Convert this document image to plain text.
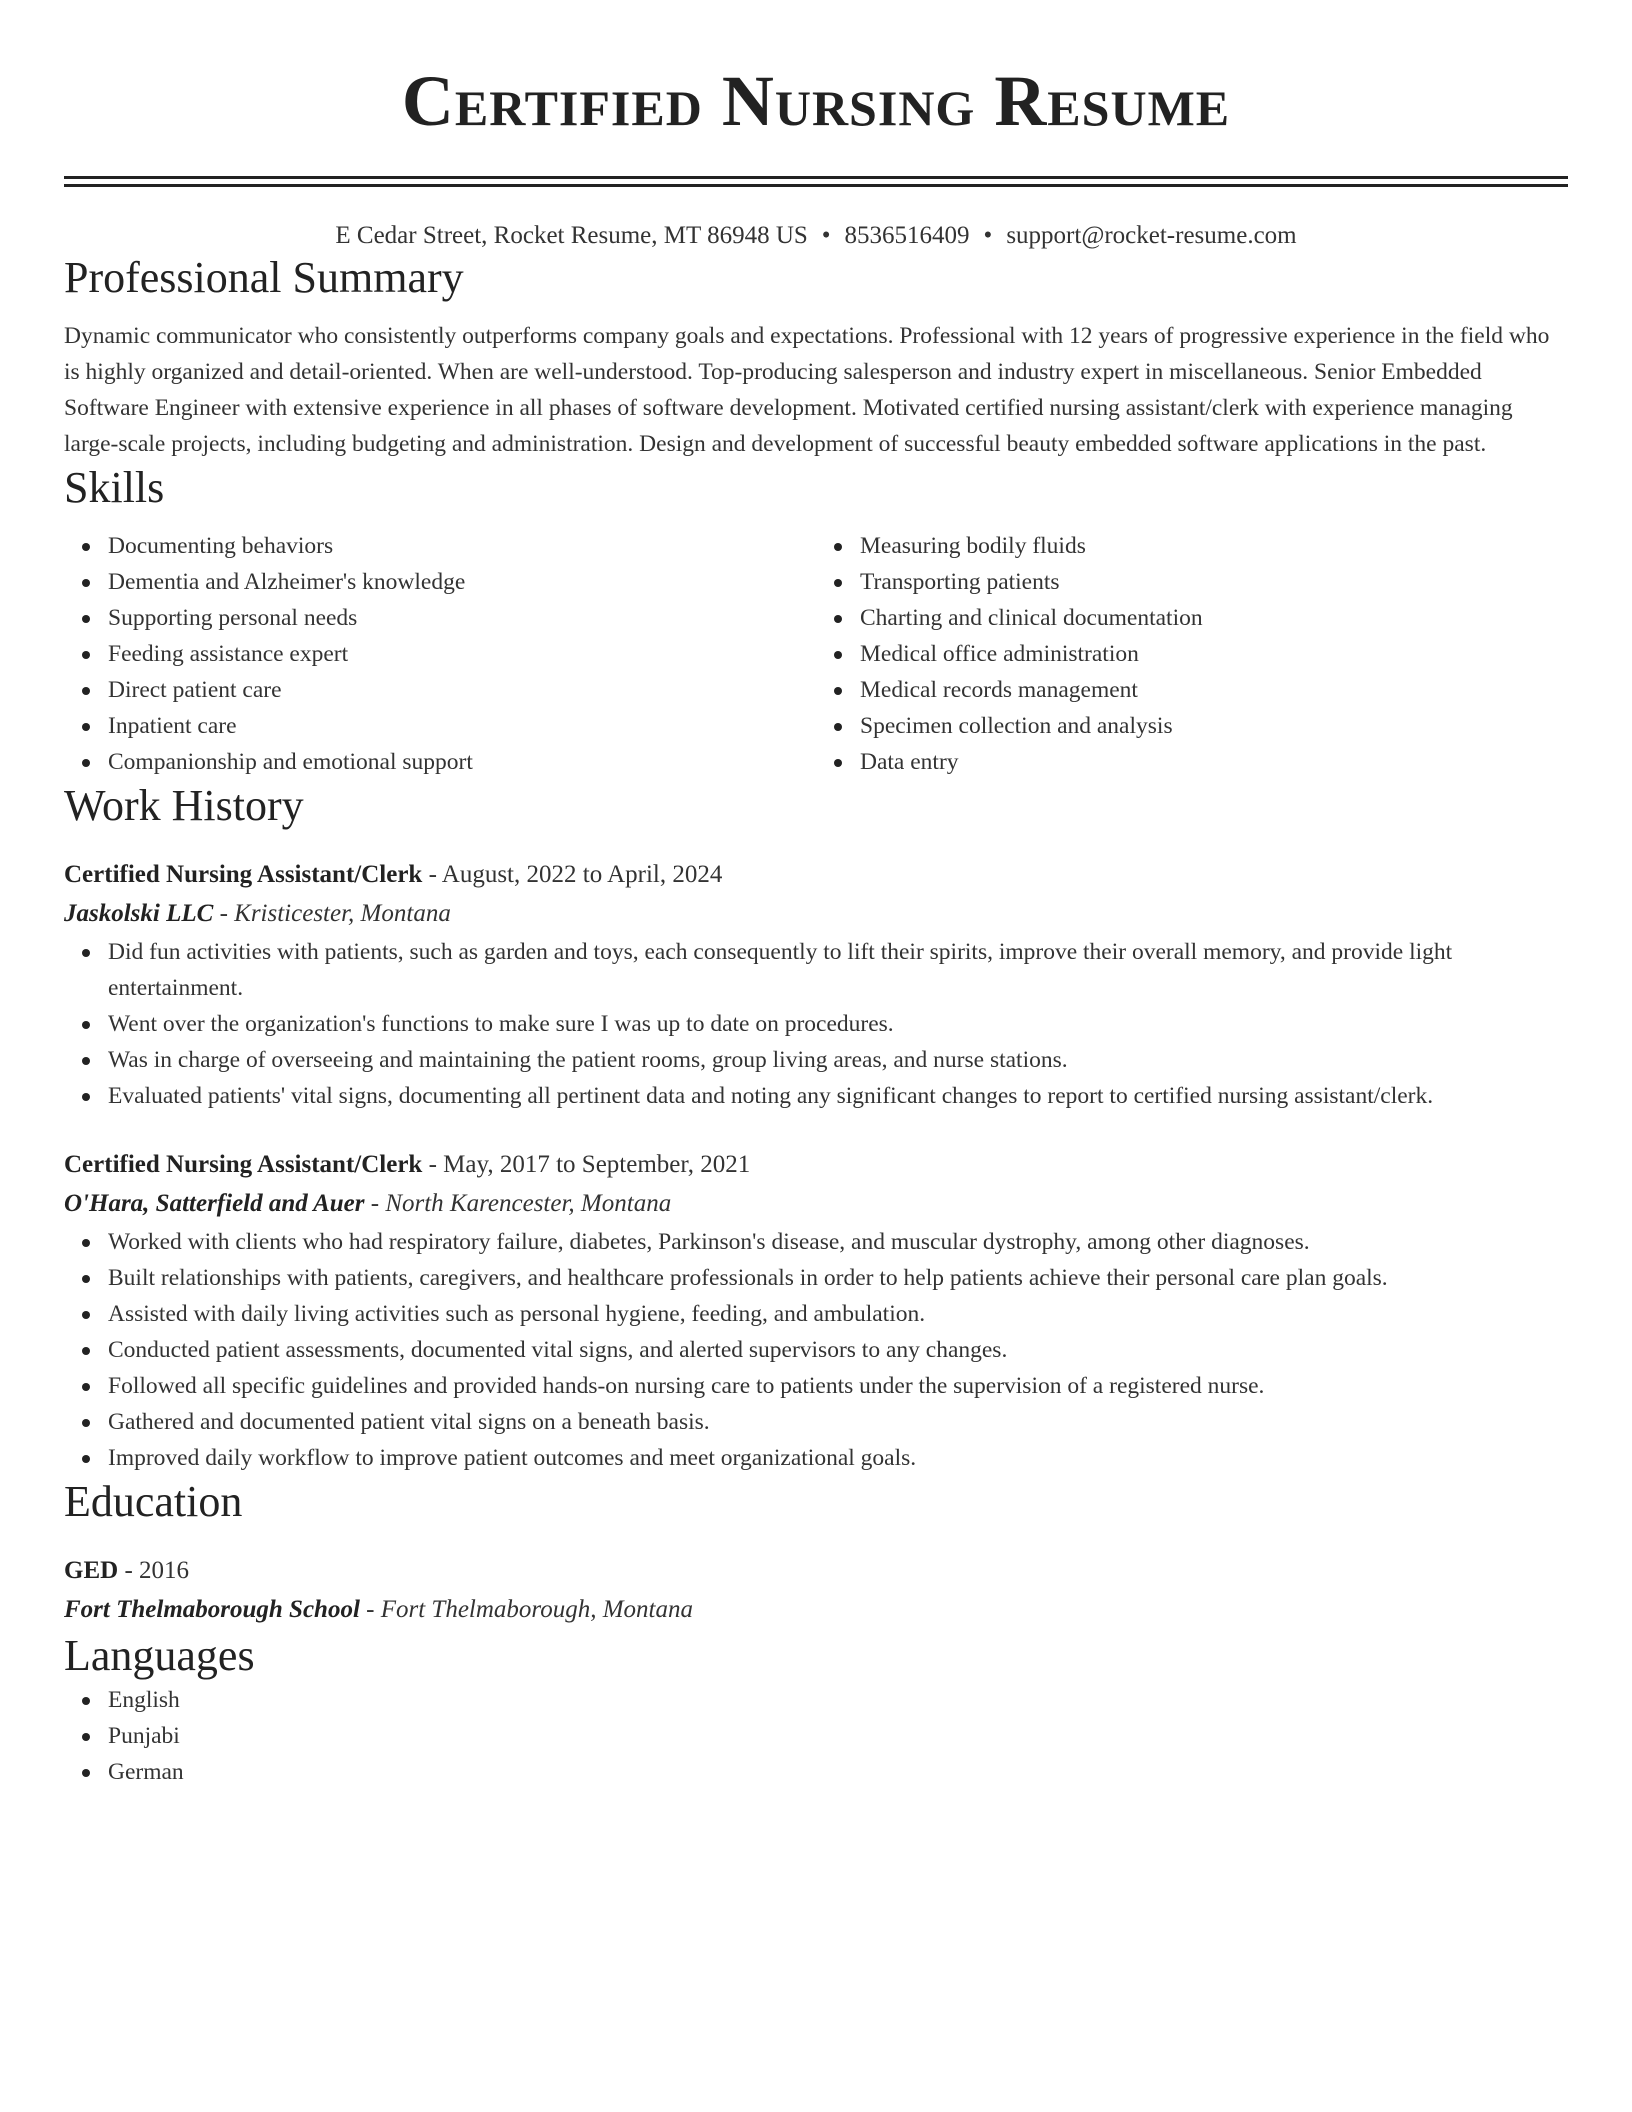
Certified Nursing Resume
E Cedar Street, Rocket Resume, MT 86948 US • 8536516409 • support@rocket-resume.com
Professional Summary
Dynamic communicator who consistently outperforms company goals and expectations. Professional with 12 years of progressive experience in the field who is highly organized and detail-oriented. When are well-understood. Top-producing salesperson and industry expert in miscellaneous. Senior Embedded Software Engineer with extensive experience in all phases of software development. Motivated certified nursing assistant/clerk with experience managing large-scale projects, including budgeting and administration. Design and development of successful beauty embedded software applications in the past.
Skills
Documenting behaviors
Dementia and Alzheimer's knowledge
Supporting personal needs
Feeding assistance expert
Direct patient care
Inpatient care
Companionship and emotional support
Measuring bodily fluids
Transporting patients
Charting and clinical documentation
Medical office administration
Medical records management
Specimen collection and analysis
Data entry
Work History
Certified Nursing Assistant/Clerk - August, 2022 to April, 2024
Jaskolski LLC - Kristicester, Montana
Did fun activities with patients, such as garden and toys, each consequently to lift their spirits, improve their overall memory, and provide light entertainment.
Went over the organization's functions to make sure I was up to date on procedures.
Was in charge of overseeing and maintaining the patient rooms, group living areas, and nurse stations.
Evaluated patients' vital signs, documenting all pertinent data and noting any significant changes to report to certified nursing assistant/clerk.
Certified Nursing Assistant/Clerk - May, 2017 to September, 2021
O'Hara, Satterfield and Auer - North Karencester, Montana
Worked with clients who had respiratory failure, diabetes, Parkinson's disease, and muscular dystrophy, among other diagnoses.
Built relationships with patients, caregivers, and healthcare professionals in order to help patients achieve their personal care plan goals.
Assisted with daily living activities such as personal hygiene, feeding, and ambulation.
Conducted patient assessments, documented vital signs, and alerted supervisors to any changes.
Followed all specific guidelines and provided hands-on nursing care to patients under the supervision of a registered nurse.
Gathered and documented patient vital signs on a beneath basis.
Improved daily workflow to improve patient outcomes and meet organizational goals.
Education
GED - 2016
Fort Thelmaborough School - Fort Thelmaborough, Montana
Languages
English
Punjabi
German
